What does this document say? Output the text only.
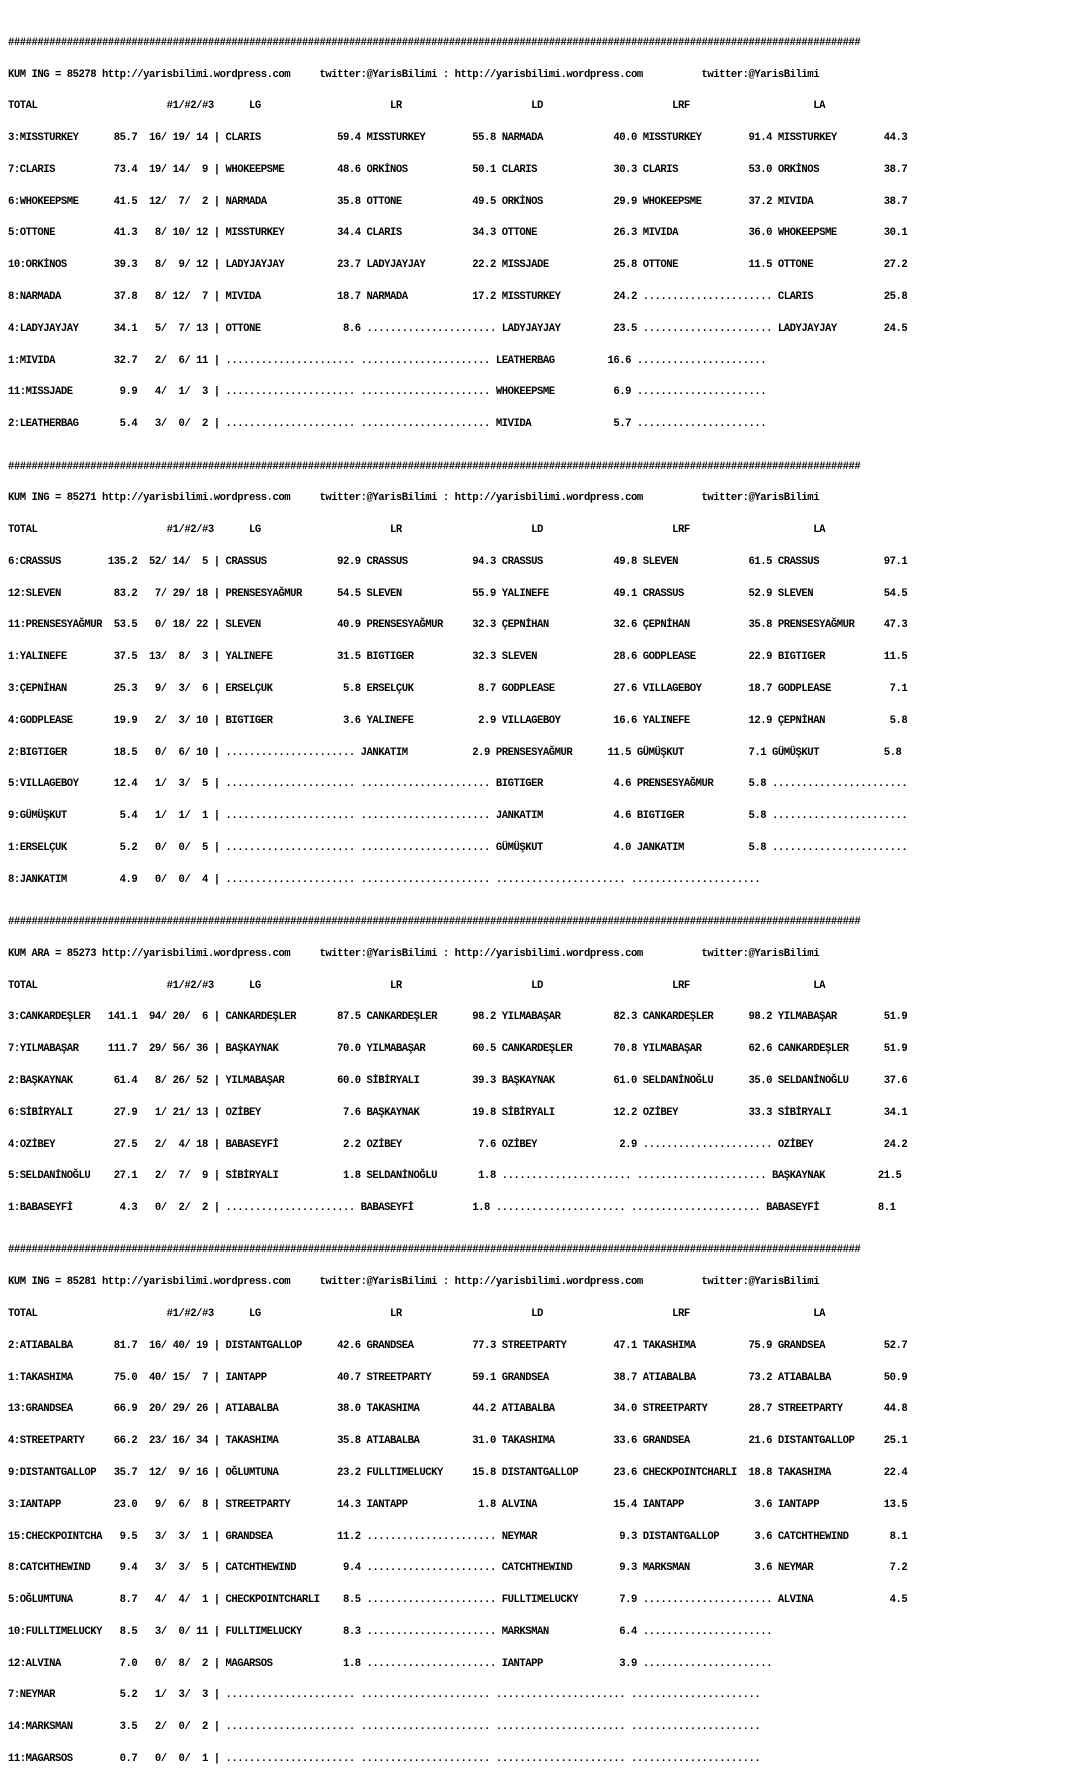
#################################################################################################################################################

KUM ING = 85278 http://yarisbilimi.wordpress.com     twitter:@YarisBilimi : http://yarisbilimi.wordpress.com          twitter:@YarisBilimi

TOTAL                      #1/#2/#3      LG                      LR                      LD                      LRF                     LA

3:MISSTURKEY      85.7  16/ 19/ 14 | CLARIS             59.4 MISSTURKEY        55.8 NARMADA            40.0 MISSTURKEY        91.4 MISSTURKEY        44.3

7:CLARIS          73.4  19/ 14/  9 | WHOKEEPSME         48.6 ORKİNOS           50.1 CLARIS             30.3 CLARIS            53.0 ORKİNOS           38.7

6:WHOKEEPSME      41.5  12/  7/  2 | NARMADA            35.8 OTTONE            49.5 ORKİNOS            29.9 WHOKEEPSME        37.2 MIVIDA            38.7

5:OTTONE          41.3   8/ 10/ 12 | MISSTURKEY         34.4 CLARIS            34.3 OTTONE             26.3 MIVIDA            36.0 WHOKEEPSME        30.1

10:ORKİNOS        39.3   8/  9/ 12 | LADYJAYJAY         23.7 LADYJAYJAY        22.2 MISSJADE           25.8 OTTONE            11.5 OTTONE            27.2

8:NARMADA         37.8   8/ 12/  7 | MIVIDA             18.7 NARMADA           17.2 MISSTURKEY         24.2 ...................... CLARIS            25.8

4:LADYJAYJAY      34.1   5/  7/ 13 | OTTONE              8.6 ...................... LADYJAYJAY         23.5 ...................... LADYJAYJAY        24.5

1:MIVIDA          32.7   2/  6/ 11 | ...................... ...................... LEATHERBAG         16.6 ......................

11:MISSJADE        9.9   4/  1/  3 | ...................... ...................... WHOKEEPSME          6.9 ......................

2:LEATHERBAG       5.4   3/  0/  2 | ...................... ...................... MIVIDA              5.7 ......................

#################################################################################################################################################

KUM ING = 85271 http://yarisbilimi.wordpress.com     twitter:@YarisBilimi : http://yarisbilimi.wordpress.com          twitter:@YarisBilimi

TOTAL                      #1/#2/#3      LG                      LR                      LD                      LRF                     LA

6:CRASSUS        135.2  52/ 14/  5 | CRASSUS            92.9 CRASSUS           94.3 CRASSUS            49.8 SLEVEN            61.5 CRASSUS           97.1

12:SLEVEN         83.2   7/ 29/ 18 | PRENSESYAĞMUR      54.5 SLEVEN            55.9 YALINEFE           49.1 CRASSUS           52.9 SLEVEN            54.5

11:PRENSESYAĞMUR  53.5   0/ 18/ 22 | SLEVEN             40.9 PRENSESYAĞMUR     32.3 ÇEPNİHAN           32.6 ÇEPNİHAN          35.8 PRENSESYAĞMUR     47.3

1:YALINEFE        37.5  13/  8/  3 | YALINEFE           31.5 BIGTIGER          32.3 SLEVEN             28.6 GODPLEASE         22.9 BIGTIGER          11.5

3:ÇEPNİHAN        25.3   9/  3/  6 | ERSELÇUK            5.8 ERSELÇUK           8.7 GODPLEASE          27.6 VILLAGEBOY        18.7 GODPLEASE          7.1

4:GODPLEASE       19.9   2/  3/ 10 | BIGTIGER            3.6 YALINEFE           2.9 VILLAGEBOY         16.6 YALINEFE          12.9 ÇEPNİHAN           5.8

2:BIGTIGER        18.5   0/  6/ 10 | ...................... JANKATIM           2.9 PRENSESYAĞMUR      11.5 GÜMÜŞKUT           7.1 GÜMÜŞKUT           5.8

5:VILLAGEBOY      12.4   1/  3/  5 | ...................... ...................... BIGTIGER            4.6 PRENSESYAĞMUR      5.8 .......................

9:GÜMÜŞKUT         5.4   1/  1/  1 | ...................... ...................... JANKATIM            4.6 BIGTIGER           5.8 .......................

1:ERSELÇUK         5.2   0/  0/  5 | ...................... ...................... GÜMÜŞKUT            4.0 JANKATIM           5.8 .......................

8:JANKATIM         4.9   0/  0/  4 | ...................... ...................... ...................... ......................

#################################################################################################################################################

KUM ARA = 85273 http://yarisbilimi.wordpress.com     twitter:@YarisBilimi : http://yarisbilimi.wordpress.com          twitter:@YarisBilimi

TOTAL                      #1/#2/#3      LG                      LR                      LD                      LRF                     LA

3:CANKARDEŞLER   141.1  94/ 20/  6 | CANKARDEŞLER       87.5 CANKARDEŞLER      98.2 YILMABAŞAR         82.3 CANKARDEŞLER      98.2 YILMABAŞAR        51.9

7:YILMABAŞAR     111.7  29/ 56/ 36 | BAŞKAYNAK          70.0 YILMABAŞAR        60.5 CANKARDEŞLER       70.8 YILMABAŞAR        62.6 CANKARDEŞLER      51.9

2:BAŞKAYNAK       61.4   8/ 26/ 52 | YILMABAŞAR         60.0 SİBİRYALI         39.3 BAŞKAYNAK          61.0 SELDANİNOĞLU      35.0 SELDANİNOĞLU      37.6

6:SİBİRYALI       27.9   1/ 21/ 13 | OZİBEY              7.6 BAŞKAYNAK         19.8 SİBİRYALI          12.2 OZİBEY            33.3 SİBİRYALI         34.1

4:OZİBEY          27.5   2/  4/ 18 | BABASEYFİ           2.2 OZİBEY             7.6 OZİBEY              2.9 ...................... OZİBEY            24.2

5:SELDANİNOĞLU    27.1   2/  7/  9 | SİBİRYALI           1.8 SELDANİNOĞLU       1.8 ...................... ...................... BAŞKAYNAK         21.5

1:BABASEYFİ        4.3   0/  2/  2 | ...................... BABASEYFİ          1.8 ...................... ...................... BABASEYFİ          8.1

#################################################################################################################################################

KUM ING = 85281 http://yarisbilimi.wordpress.com     twitter:@YarisBilimi : http://yarisbilimi.wordpress.com          twitter:@YarisBilimi

TOTAL                      #1/#2/#3      LG                      LR                      LD                      LRF                     LA

2:ATIABALBA       81.7  16/ 40/ 19 | DISTANTGALLOP      42.6 GRANDSEA          77.3 STREETPARTY        47.1 TAKASHIMA         75.9 GRANDSEA          52.7

1:TAKASHIMA       75.0  40/ 15/  7 | IANTAPP            40.7 STREETPARTY       59.1 GRANDSEA           38.7 ATIABALBA         73.2 ATIABALBA         50.9

13:GRANDSEA       66.9  20/ 29/ 26 | ATIABALBA          38.0 TAKASHIMA         44.2 ATIABALBA          34.0 STREETPARTY       28.7 STREETPARTY       44.8

4:STREETPARTY     66.2  23/ 16/ 34 | TAKASHIMA          35.8 ATIABALBA         31.0 TAKASHIMA          33.6 GRANDSEA          21.6 DISTANTGALLOP     25.1

9:DISTANTGALLOP   35.7  12/  9/ 16 | OĞLUMTUNA          23.2 FULLTIMELUCKY     15.8 DISTANTGALLOP      23.6 CHECKPOINTCHARLI  18.8 TAKASHIMA         22.4

3:IANTAPP         23.0   9/  6/  8 | STREETPARTY        14.3 IANTAPP            1.8 ALVINA             15.4 IANTAPP            3.6 IANTAPP           13.5

15:CHECKPOINTCHA   9.5   3/  3/  1 | GRANDSEA           11.2 ...................... NEYMAR              9.3 DISTANTGALLOP      3.6 CATCHTHEWIND       8.1

8:CATCHTHEWIND     9.4   3/  3/  5 | CATCHTHEWIND        9.4 ...................... CATCHTHEWIND        9.3 MARKSMAN           3.6 NEYMAR             7.2

5:OĞLUMTUNA        8.7   4/  4/  1 | CHECKPOINTCHARLI    8.5 ...................... FULLTIMELUCKY       7.9 ...................... ALVINA             4.5

10:FULLTIMELUCKY   8.5   3/  0/ 11 | FULLTIMELUCKY       8.3 ...................... MARKSMAN            6.4 ......................

12:ALVINA          7.0   0/  8/  2 | MAGARSOS            1.8 ...................... IANTAPP             3.9 ......................

7:NEYMAR           5.2   1/  3/  3 | ...................... ...................... ...................... ......................

14:MARKSMAN        3.5   2/  0/  2 | ...................... ...................... ...................... ......................

11:MAGARSOS        0.7   0/  0/  1 | ...................... ...................... ...................... ......................
